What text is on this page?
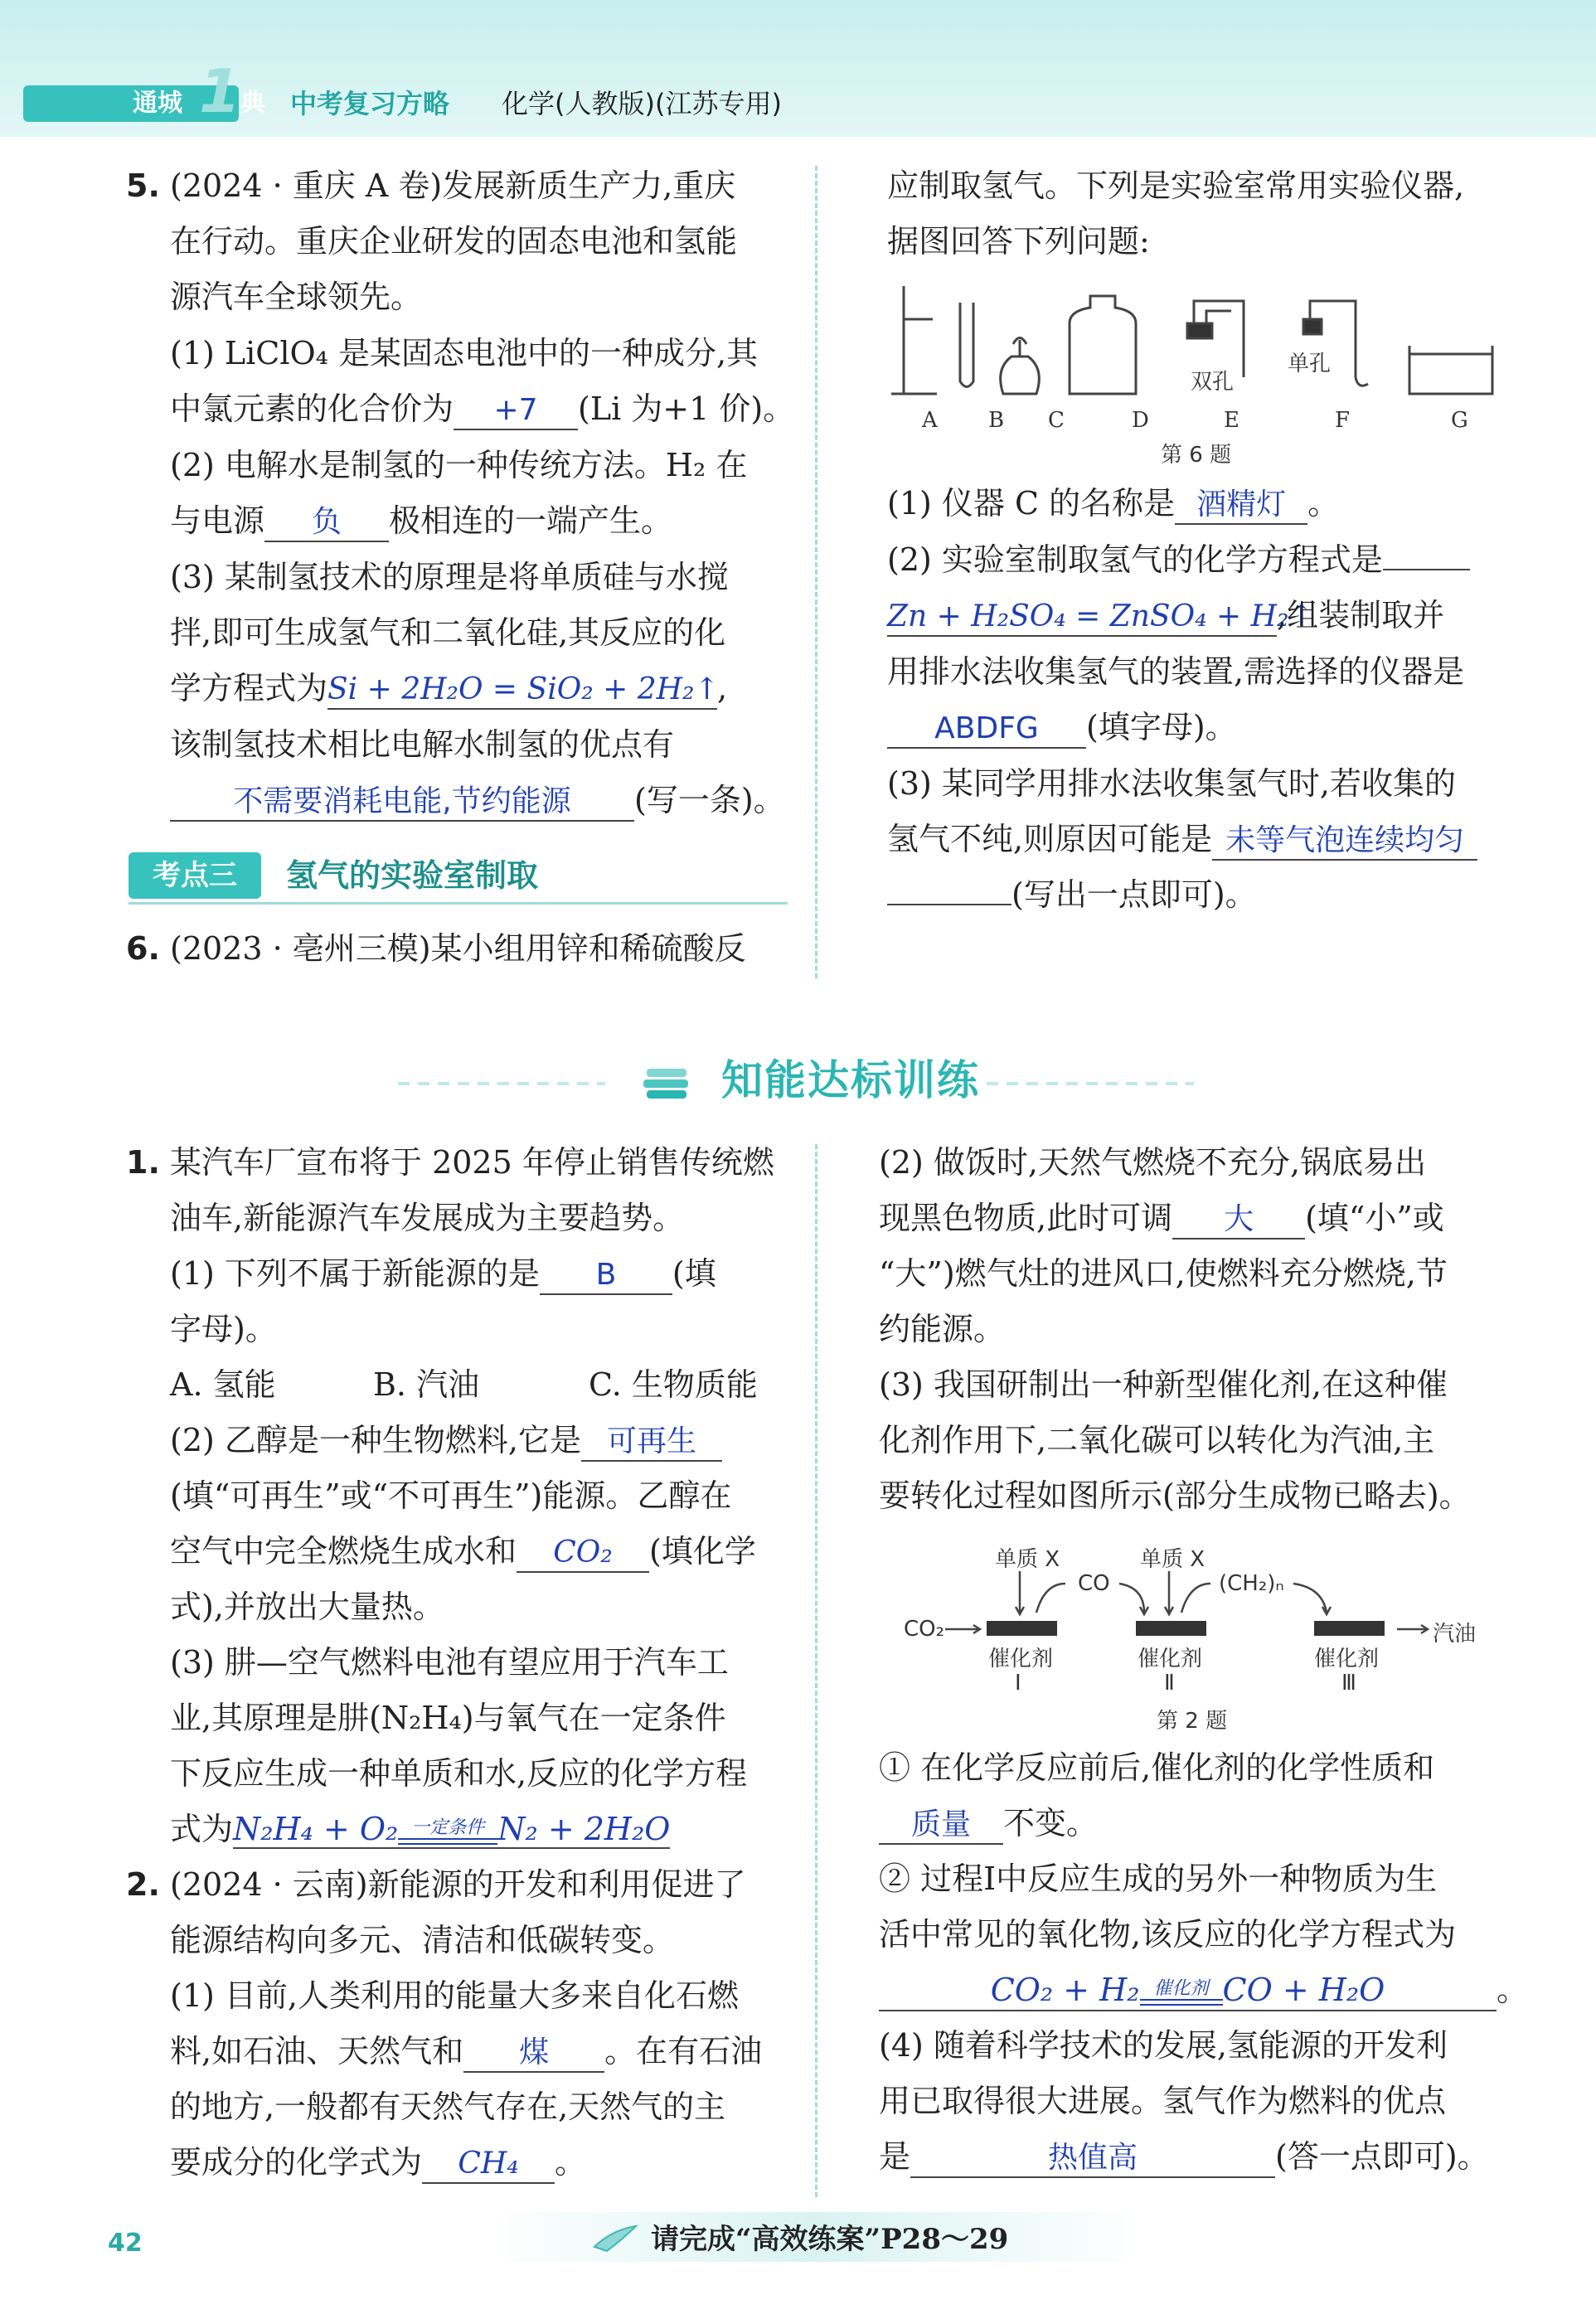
通城 1 典 中考复习方略 化学(人教版)(江苏专用)
5. (2024 · 重庆 A 卷)发展新质生产力,重庆
在行动。重庆企业研发的固态电池和氢能
源汽车全球领先。
(1) LiClO₄ 是某固态电池中的一种成分,其
中氯元素的化合价为 +7 (Li 为+1 价)。
(2) 电解水是制氢的一种传统方法。H₂ 在
与电源 负 极相连的一端产生。
(3) 某制氢技术的原理是将单质硅与水搅
拌,即可生成氢气和二氧化硅,其反应的化
学方程式为Si + 2H₂O = SiO₂ + 2H₂↑,
该制氢技术相比电解水制氢的优点有
不需要消耗电能,节约能源 (写一条)。
考点三	氢气的实验室制取
6. (2023 · 亳州三模)某小组用锌和稀硫酸反
应制取氢气。下列是实验室常用实验仪器,
据图回答下列问题:
A B C	D	E	F	G
双孔
单孔
第 6 题
(1) 仪器 C 的名称是 酒精灯 。
(2) 实验室制取氢气的化学方程式是
Zn + H₂SO₄ = ZnSO₄ + H₂↑,组装制取并
用排水法收集氢气的装置,需选择的仪器是
ABDFG (填字母)。
(3) 某同学用排水法收集氢气时,若收集的
氢气不纯,则原因可能是 未等气泡连续均匀
(写出一点即可)。
知能达标训练
1. 某汽车厂宣布将于 2025 年停止销售传统燃
油车,新能源汽车发展成为主要趋势。
(1) 下列不属于新能源的是 B (填
字母)。
A. 氢能	B. 汽油	C. 生物质能
(2) 乙醇是一种生物燃料,它是 可再生
(填“可再生”或“不可再生”)能源。乙醇在
空气中完全燃烧生成水和 CO₂ (填化学
式),并放出大量热。
(3) 肼—空气燃料电池有望应用于汽车工
业,其原理是肼(N₂H₄)与氧气在一定条件
下反应生成一种单质和水,反应的化学方程
式为N₂H₄ + O₂ 一定条件 N₂ + 2H₂O
2. (2024 · 云南)新能源的开发和利用促进了
能源结构向多元、清洁和低碳转变。
(1) 目前,人类利用的能量大多来自化石燃
料,如石油、天然气和 煤 。在有石油
的地方,一般都有天然气存在,天然气的主
要成分的化学式为 CH₄ 。
(2) 做饭时,天然气燃烧不充分,锅底易出
现黑色物质,此时可调 大 (填“小”或
“大”)燃气灶的进风口,使燃料充分燃烧,节
约能源。
(3) 我国研制出一种新型催化剂,在这种催
化剂作用下,二氧化碳可以转化为汽油,主
要转化过程如图所示(部分生成物已略去)。
单质 X	单质 X
CO	(CH₂)ₙ
CO₂
催化剂	催化剂	催化剂
Ⅰ	Ⅱ	Ⅲ
汽油
第 2 题
① 在化学反应前后,催化剂的化学性质和
质量 不变。
② 过程Ⅰ中反应生成的另外一种物质为生
活中常见的氧化物,该反应的化学方程式为
CO₂ + H₂ 催化剂 CO + H₂O	。
(4) 随着科学技术的发展,氢能源的开发利
用已取得很大进展。氢气作为燃料的优点
是	热值高	(答一点即可)。
42	请完成“高效练案”P28～29
